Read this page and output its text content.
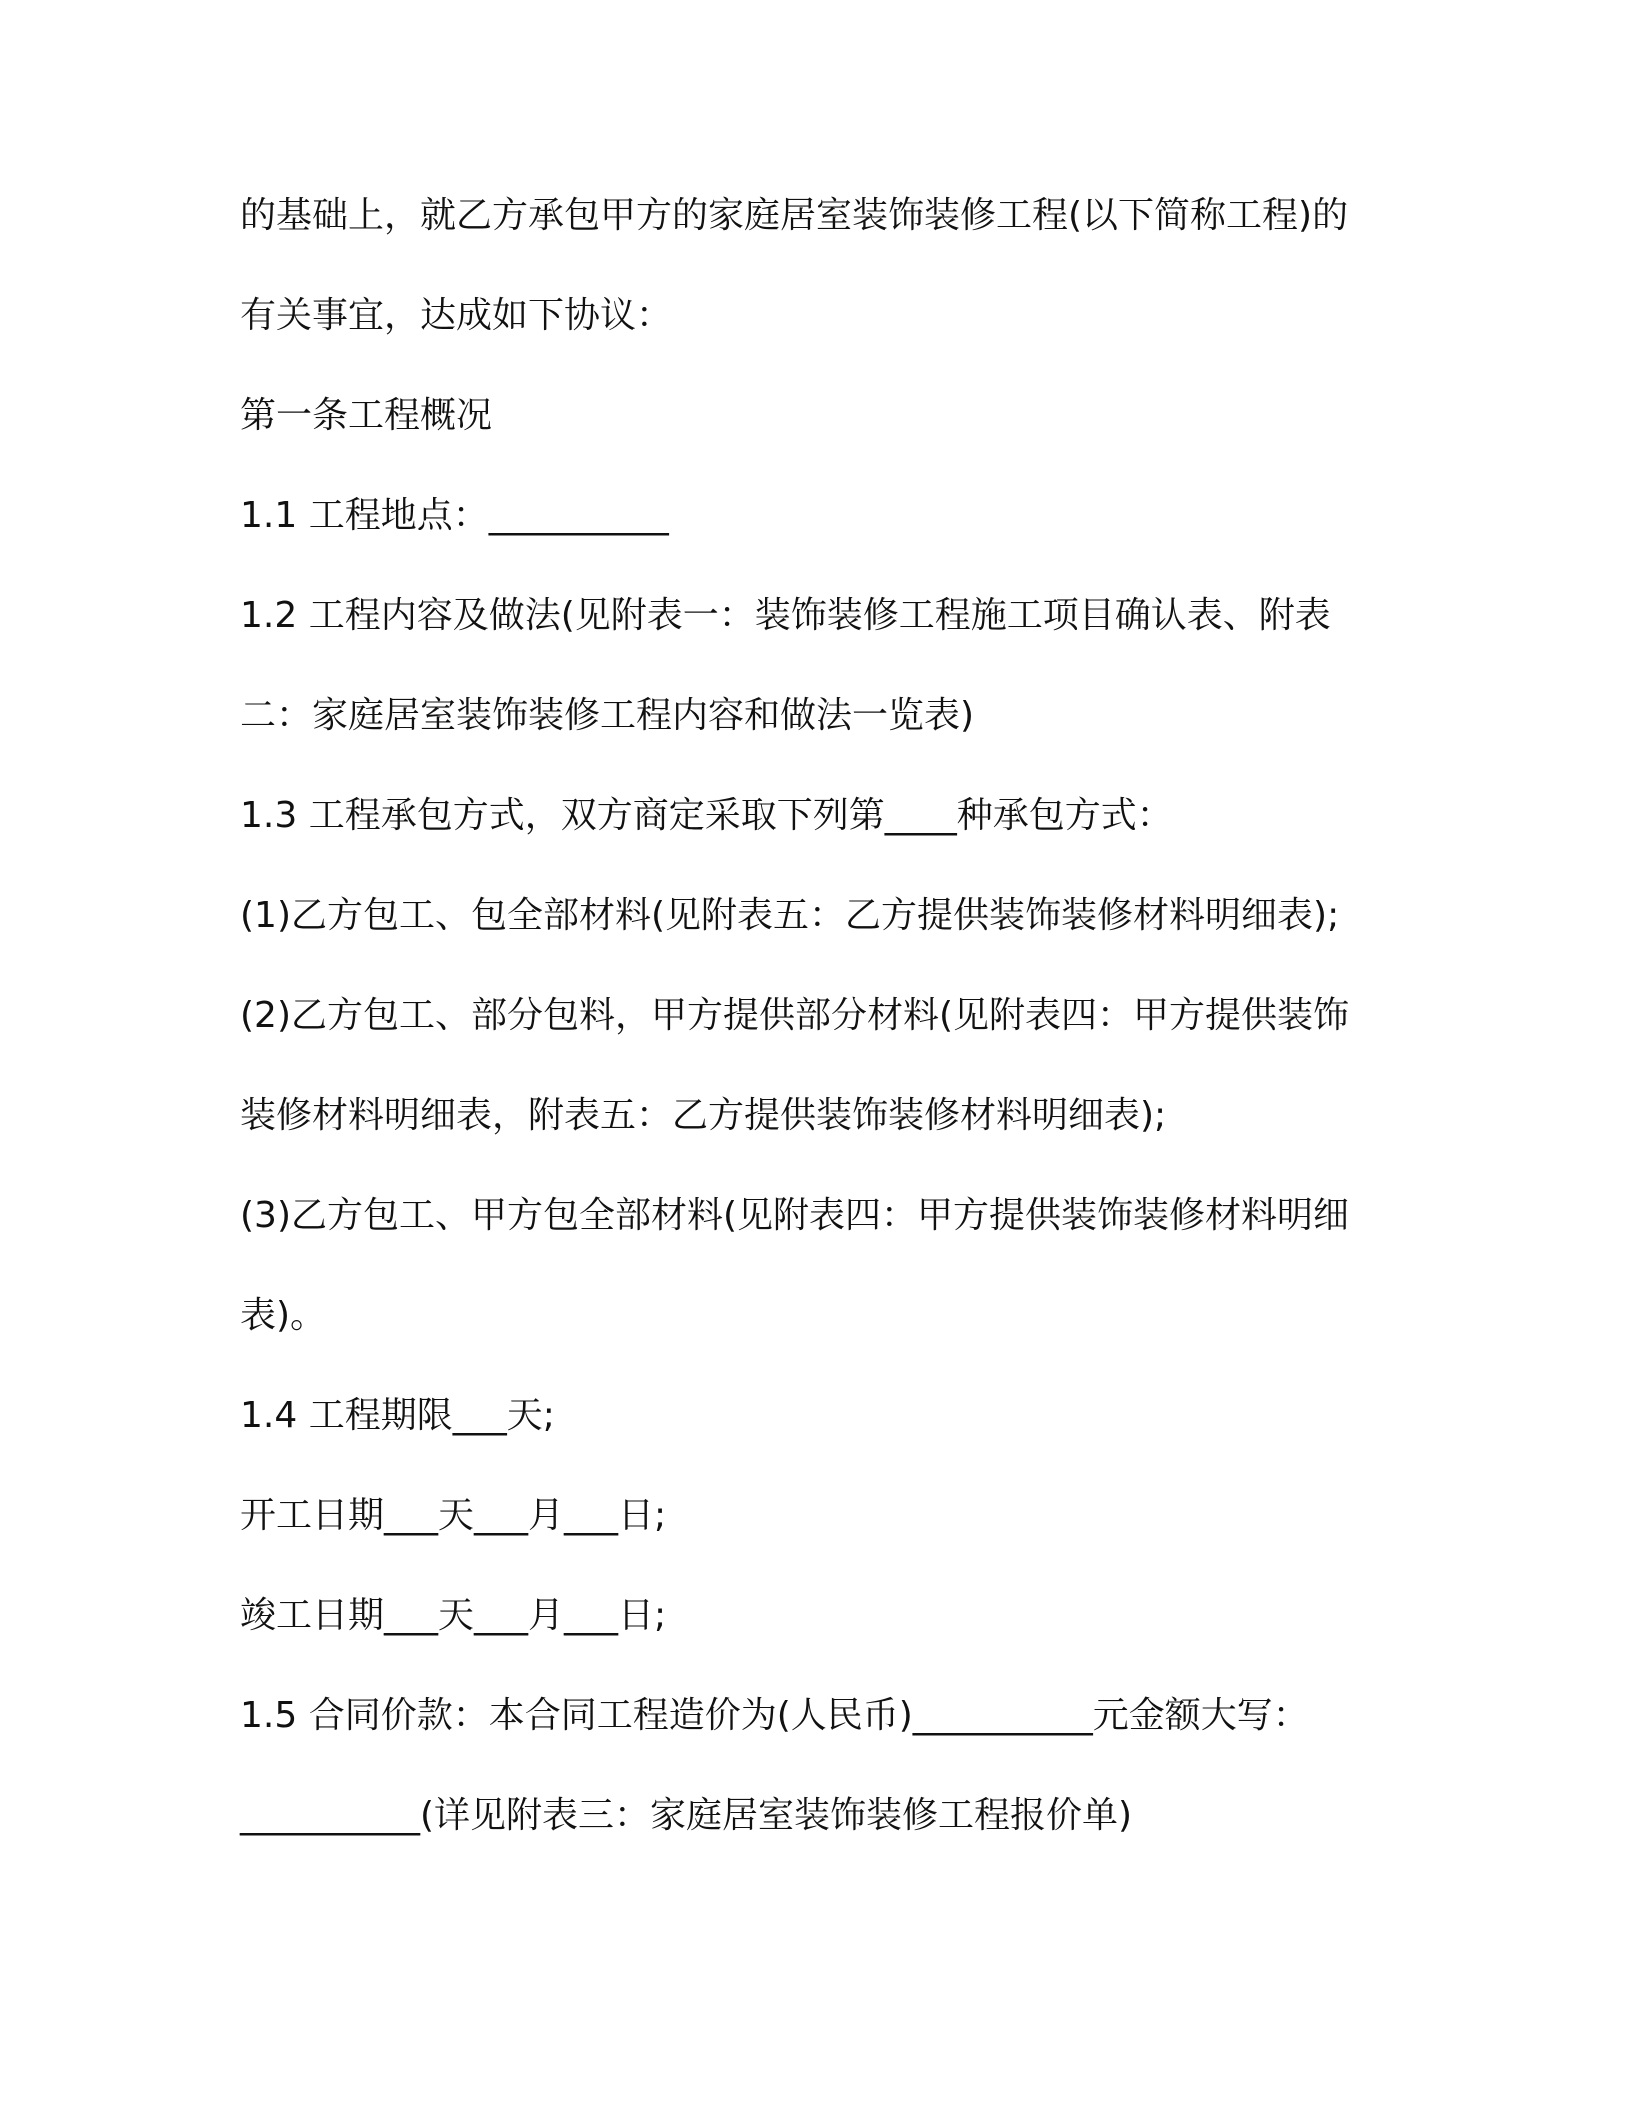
的基础上，就乙方承包甲方的家庭居室装饰装修工程(以下简称工程)的

有关事宜，达成如下协议：

第一条工程概况

1.1 工程地点：__________

1.2 工程内容及做法(见附表一：装饰装修工程施工项目确认表、附表

二：家庭居室装饰装修工程内容和做法一览表)

1.3 工程承包方式，双方商定采取下列第____种承包方式：

(1)乙方包工、包全部材料(见附表五：乙方提供装饰装修材料明细表);

(2)乙方包工、部分包料，甲方提供部分材料(见附表四：甲方提供装饰

装修材料明细表，附表五：乙方提供装饰装修材料明细表);

(3)乙方包工、甲方包全部材料(见附表四：甲方提供装饰装修材料明细

表)。

1.4 工程期限___天;

开工日期___天___月___日;

竣工日期___天___月___日;

1.5 合同价款：本合同工程造价为(人民币)__________元金额大写：

__________(详见附表三：家庭居室装饰装修工程报价单)
